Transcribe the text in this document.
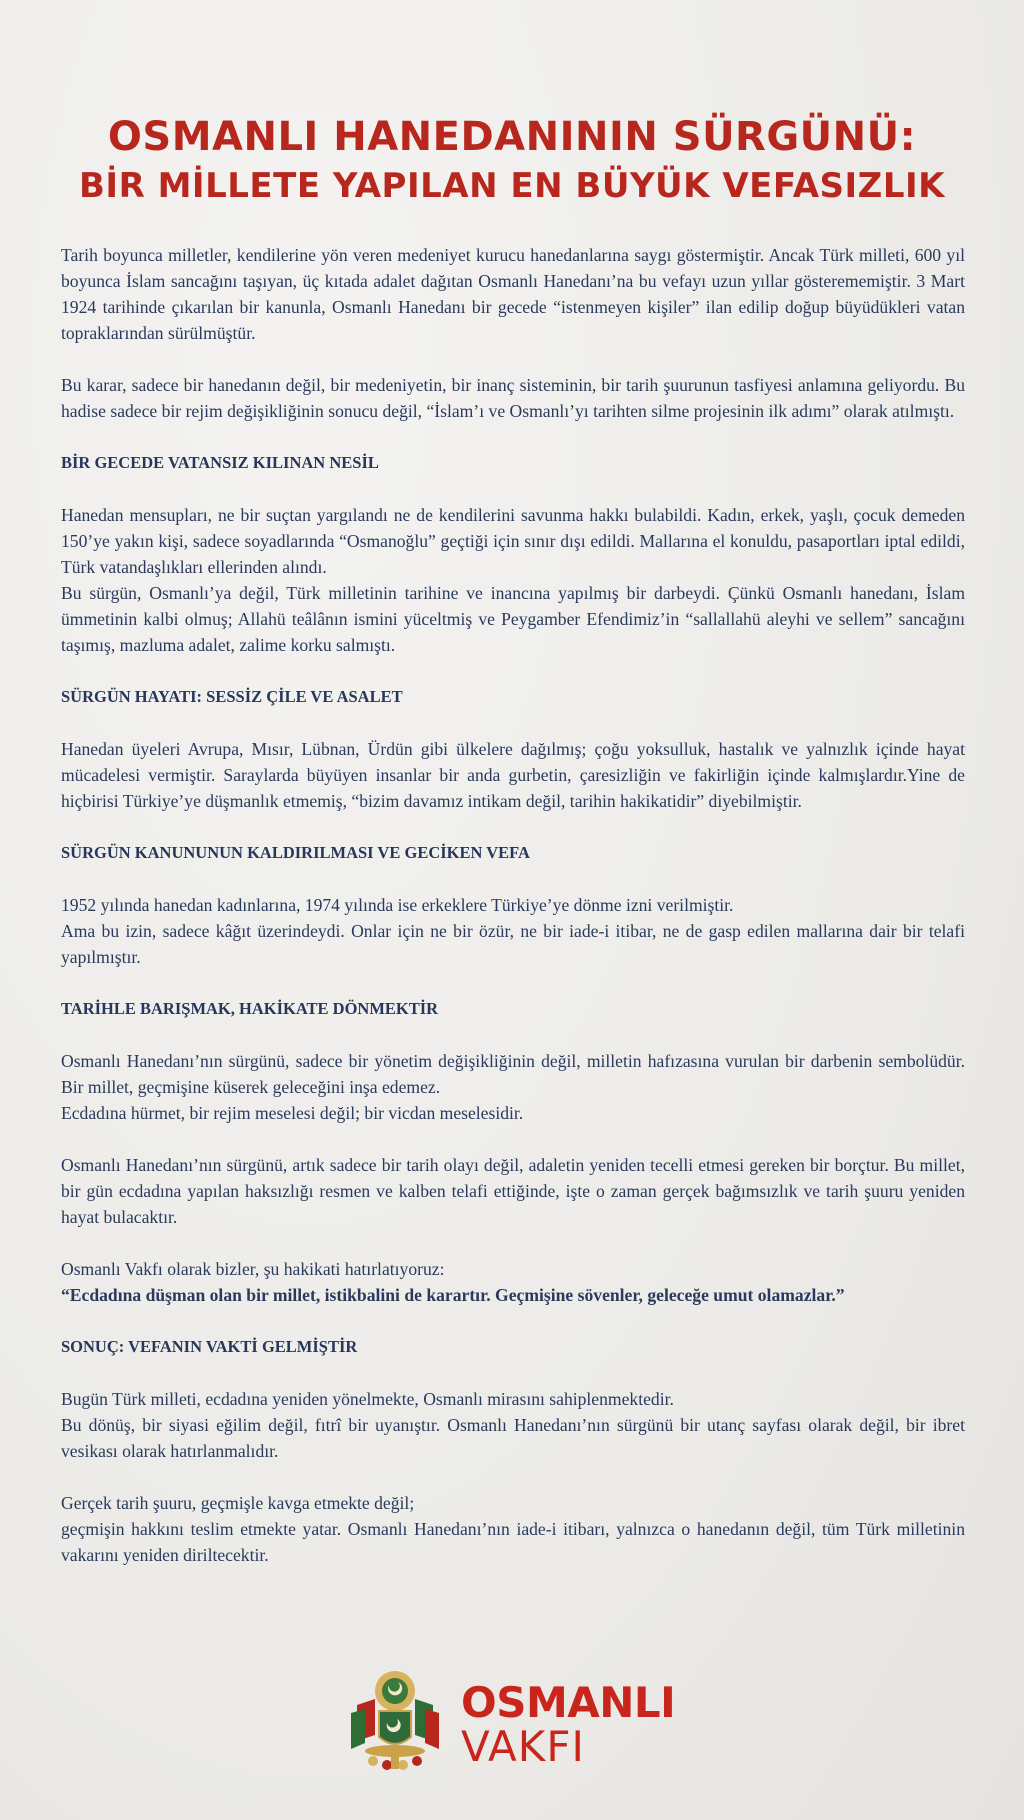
OSMANLI HANEDANININ SÜRGÜNÜ:
BİR MİLLETE YAPILAN EN BÜYÜK VEFASIZLIK

Tarih boyunca milletler, kendilerine yön veren medeniyet kurucu hanedanlarına saygı göstermiştir. Ancak Türk milleti, 600 yıl boyunca İslam sancağını taşıyan, üç kıtada adalet dağıtan Osmanlı Hanedanı’na bu vefayı uzun yıllar gösterememiştir. 3 Mart 1924 tarihinde çıkarılan bir kanunla, Osmanlı Hanedanı bir gecede “istenmeyen kişiler” ilan edilip doğup büyüdükleri vatan topraklarından sürülmüştür.

Bu karar, sadece bir hanedanın değil, bir medeniyetin, bir inanç sisteminin, bir tarih şuurunun tasfiyesi anlamına geliyordu. Bu hadise sadece bir rejim değişikliğinin sonucu değil, “İslam’ı ve Osmanlı’yı tarihten silme projesinin ilk adımı” olarak atılmıştı.

BİR GECEDE VATANSIZ KILINAN NESİL

Hanedan mensupları, ne bir suçtan yargılandı ne de kendilerini savunma hakkı bulabildi. Kadın, erkek, yaşlı, çocuk demeden 150’ye yakın kişi, sadece soyadlarında “Osmanoğlu” geçtiği için sınır dışı edildi. Mallarına el konuldu, pasaportları iptal edildi, Türk vatandaşlıkları ellerinden alındı.

Bu sürgün, Osmanlı’ya değil, Türk milletinin tarihine ve inancına yapılmış bir darbeydi. Çünkü Osmanlı hanedanı, İslam ümmetinin kalbi olmuş; Allahü teâlânın ismini yüceltmiş ve Peygamber Efendimiz’in “sallallahü aleyhi ve sellem” sancağını taşımış, mazluma adalet, zalime korku salmıştı.

SÜRGÜN HAYATI: SESSİZ ÇİLE VE ASALET

Hanedan üyeleri Avrupa, Mısır, Lübnan, Ürdün gibi ülkelere dağılmış; çoğu yoksulluk, hastalık ve yalnızlık içinde hayat mücadelesi vermiştir. Saraylarda büyüyen insanlar bir anda gurbetin, çaresizliğin ve fakirliğin içinde kalmışlardır.Yine de hiçbirisi Türkiye’ye düşmanlık etmemiş, “bizim davamız intikam değil, tarihin hakikatidir” diyebilmiştir.

SÜRGÜN KANUNUNUN KALDIRILMASI VE GECİKEN VEFA

1952 yılında hanedan kadınlarına, 1974 yılında ise erkeklere Türkiye’ye dönme izni verilmiştir.

Ama bu izin, sadece kâğıt üzerindeydi. Onlar için ne bir özür, ne bir iade-i itibar, ne de gasp edilen mallarına dair bir telafi yapılmıştır.

TARİHLE BARIŞMAK, HAKİKATE DÖNMEKTİR

Osmanlı Hanedanı’nın sürgünü, sadece bir yönetim değişikliğinin değil, milletin hafızasına vurulan bir darbenin sembolüdür. Bir millet, geçmişine küserek geleceğini inşa edemez.

Ecdadına hürmet, bir rejim meselesi değil; bir vicdan meselesidir.

Osmanlı Hanedanı’nın sürgünü, artık sadece bir tarih olayı değil, adaletin yeniden tecelli etmesi gereken bir borçtur. Bu millet, bir gün ecdadına yapılan haksızlığı resmen ve kalben telafi ettiğinde, işte o zaman gerçek bağımsızlık ve tarih şuuru yeniden hayat bulacaktır.

Osmanlı Vakfı olarak bizler, şu hakikati hatırlatıyoruz:

“Ecdadına düşman olan bir millet, istikbalini de karartır. Geçmişine sövenler, geleceğe umut olamazlar.”

SONUÇ: VEFANIN VAKTİ GELMİŞTİR

Bugün Türk milleti, ecdadına yeniden yönelmekte, Osmanlı mirasını sahiplenmektedir.

Bu dönüş, bir siyasi eğilim değil, fıtrî bir uyanıştır. Osmanlı Hanedanı’nın sürgünü bir utanç sayfası olarak değil, bir ibret vesikası olarak hatırlanmalıdır.

Gerçek tarih şuuru, geçmişle kavga etmekte değil;

geçmişin hakkını teslim etmekte yatar. Osmanlı Hanedanı’nın iade-i itibarı, yalnızca o hanedanın değil, tüm Türk milletinin vakarını yeniden diriltecektir.

OSMANLI
VAKFI
